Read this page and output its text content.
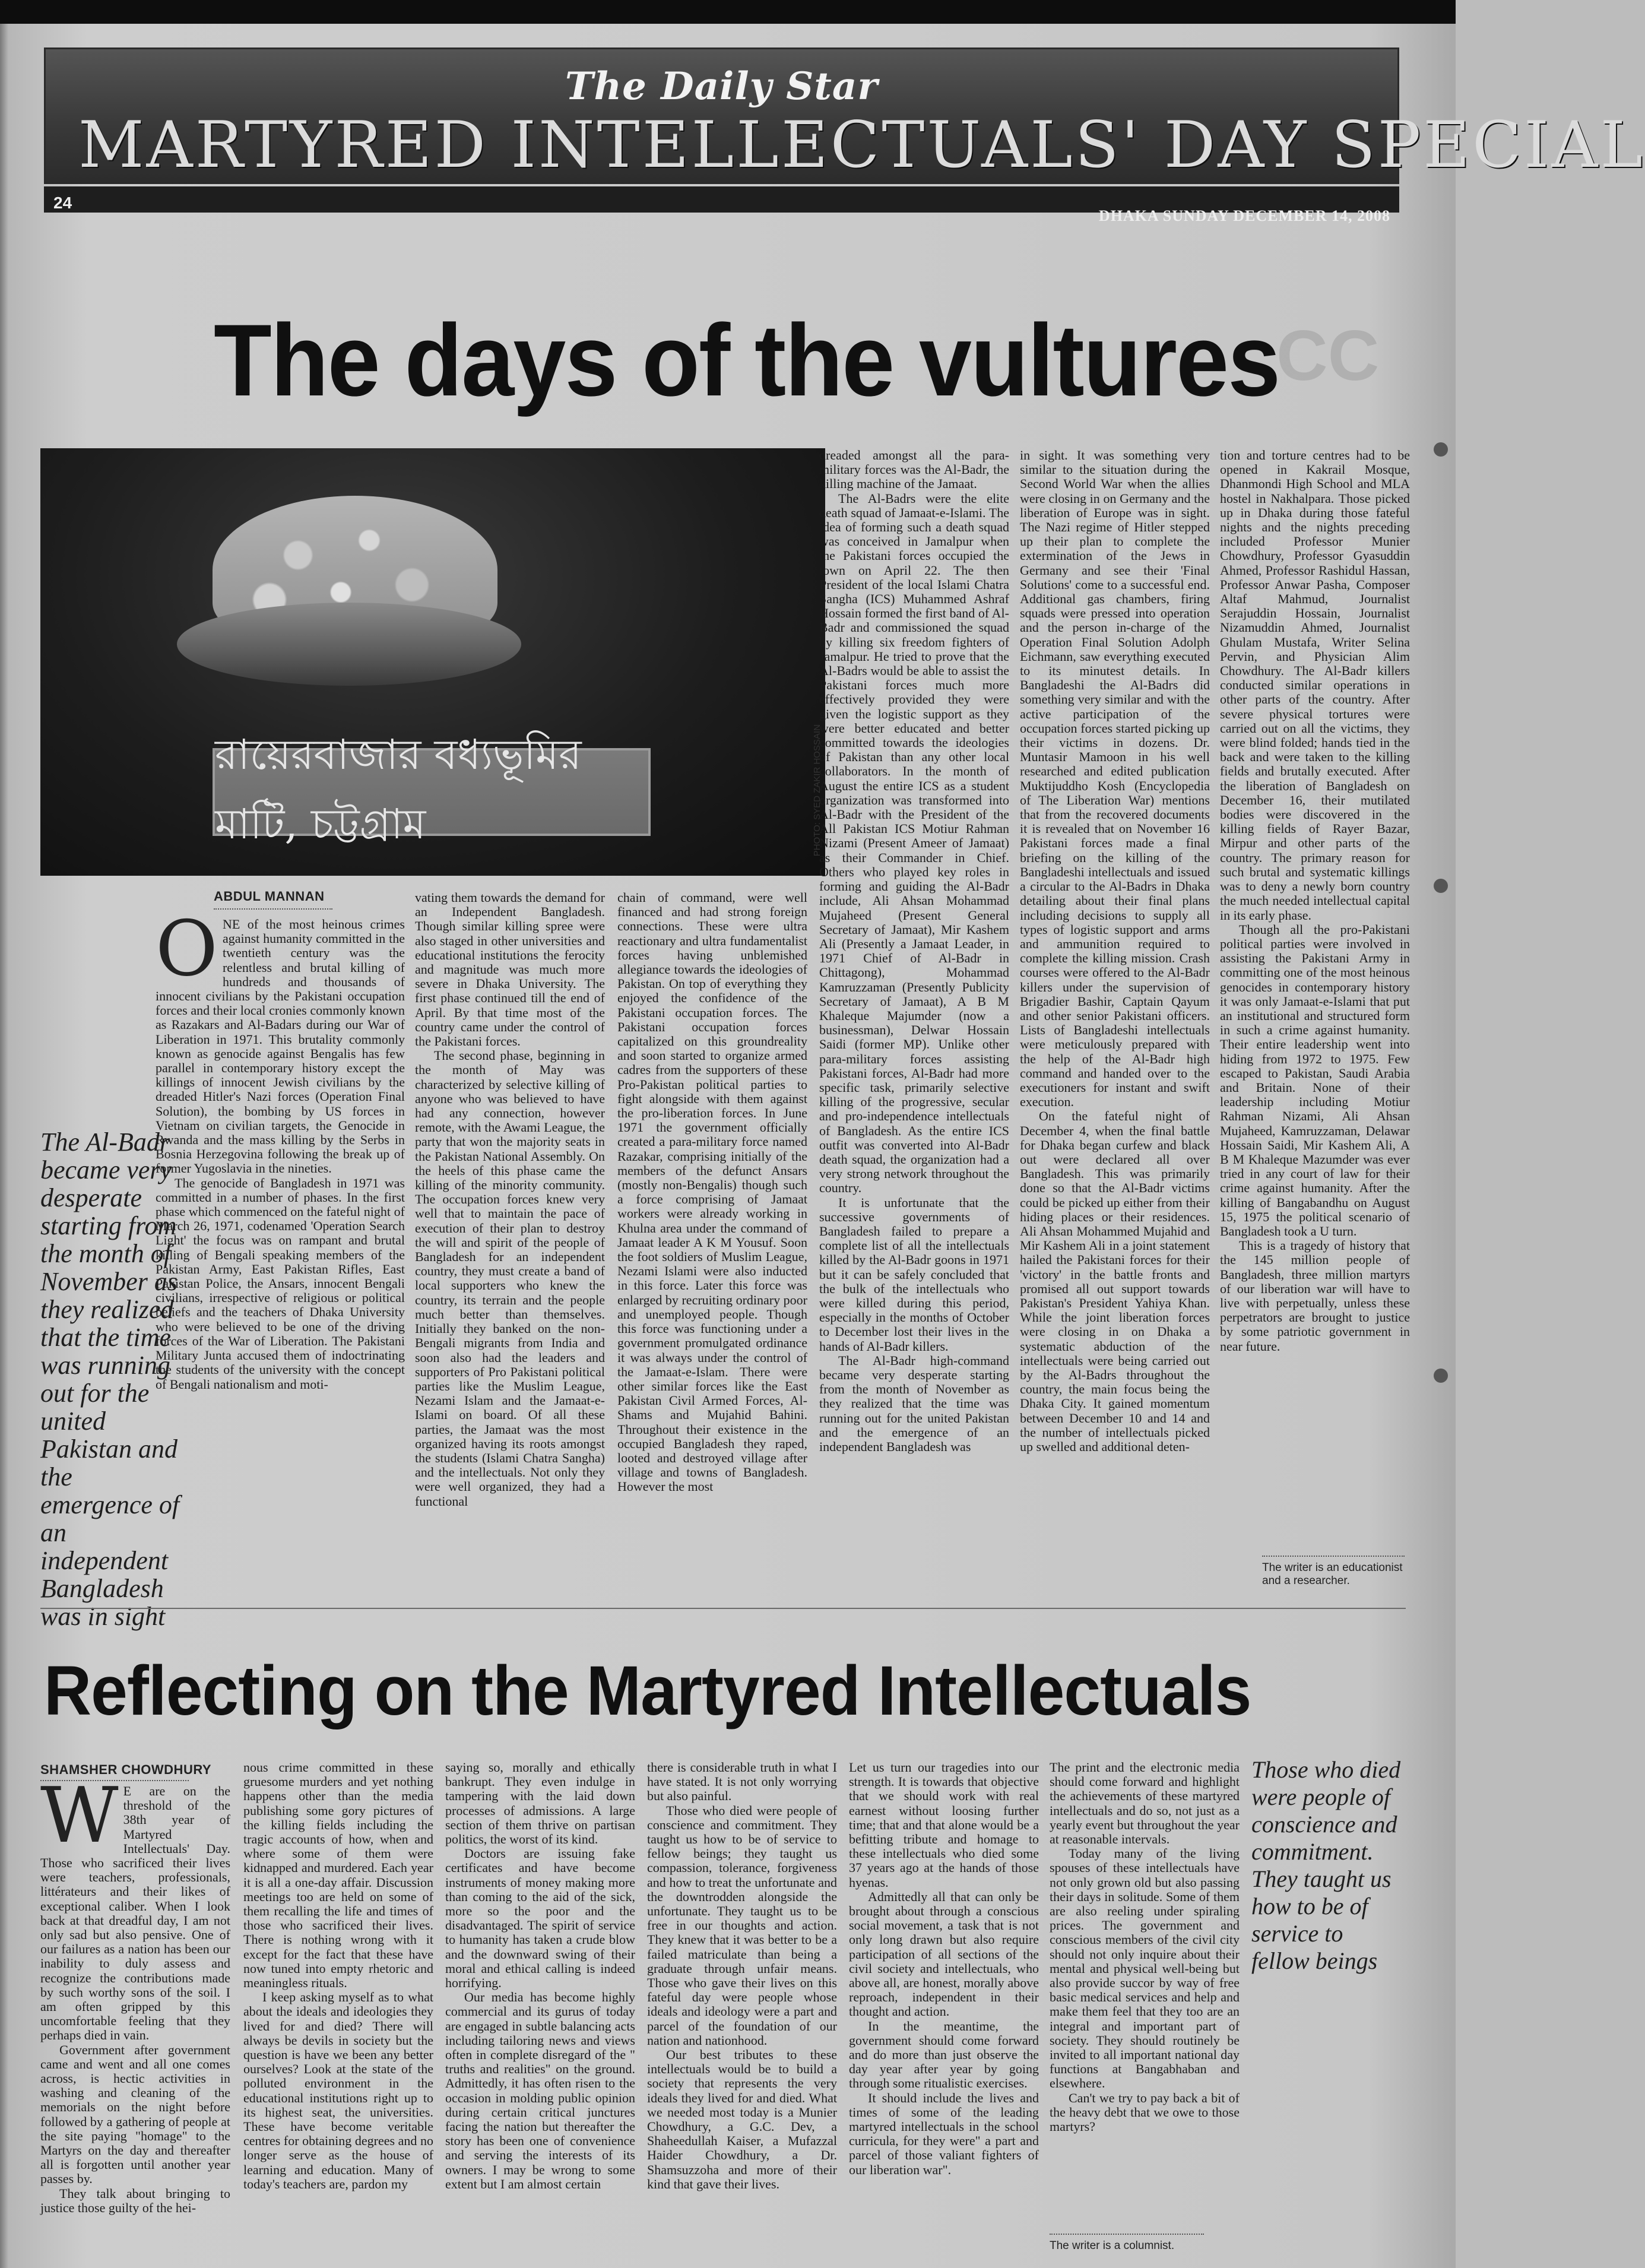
The Daily Star
MARTYRED INTELLECTUALS' DAY SPECIAL
24
DHAKA SUNDAY DECEMBER 14, 2008
The days of the vultures
CC
রায়েরবাজার বধ্যভূমির মাটি, চট্টগ্রাম	PHOTO: SYED ZAKIR HOSSAIN
ABDUL MANNAN
The Al-Badr became very desperate starting from the month of November as they realized that the time was running out for the united Pakistan and the emergence of an independent Bangladesh was in sight
O NE of the most heinous crimes against humanity committed in the twentieth century was the relentless and brutal killing of hundreds and thousands of innocent civilians by the Pakistani occupation forces and their local cronies commonly known as Razakars and Al-Badars during our War of Liberation in 1971. This brutality commonly known as genocide against Bengalis has few parallel in contemporary history except the killings of innocent Jewish civilians by the dreaded Hitler's Nazi forces (Operation Final Solution), the bombing by US forces in Vietnam on civilian targets, the Genocide in Rwanda and the mass killing by the Serbs in Bosnia Herzegovina following the break up of former Yugoslavia in the nineties.

The genocide of Bangladesh in 1971 was committed in a number of phases. In the first phase which commenced on the fateful night of March 26, 1971, codenamed 'Operation Search Light' the focus was on rampant and brutal killing of Bengali speaking members of the Pakistan Army, East Pakistan Rifles, East Pakistan Police, the Ansars, innocent Bengali civilians, irrespective of religious or political beliefs and the teachers of Dhaka University who were believed to be one of the driving forces of the War of Liberation. The Pakistani Military Junta accused them of indoctrinating the students of the university with the concept of Bengali nationalism and moti-

vating them towards the demand for an Independent Bangladesh. Though similar killing spree were also staged in other universities and educational institutions the ferocity and magnitude was much more severe in Dhaka University. The first phase continued till the end of April. By that time most of the country came under the control of the Pakistani forces.

The second phase, beginning in the month of May was characterized by selective killing of anyone who was believed to have had any connection, however remote, with the Awami League, the party that won the majority seats in the Pakistan National Assembly. On the heels of this phase came the killing of the minority community. The occupation forces knew very well that to maintain the pace of execution of their plan to destroy the will and spirit of the people of Bangladesh for an independent country, they must create a band of local supporters who knew the country, its terrain and the people much better than themselves. Initially they banked on the non-Bengali migrants from India and soon also had the leaders and supporters of Pro Pakistani political parties like the Muslim League, Nezami Islam and the Jamaat-e-Islami on board. Of all these parties, the Jamaat was the most organized having its roots amongst the students (Islami Chatra Sangha) and the intellectuals. Not only they were well organized, they had a functional

chain of command, were well financed and had strong foreign connections. These were ultra reactionary and ultra fundamentalist forces having unblemished allegiance towards the ideologies of Pakistan. On top of everything they enjoyed the confidence of the Pakistani occupation forces. The Pakistani occupation forces capitalized on this groundreality and soon started to organize armed cadres from the supporters of these Pro-Pakistan political parties to fight alongside with them against the pro-liberation forces. In June 1971 the government officially created a para-military force named Razakar, comprising initially of the members of the defunct Ansars (mostly non-Bengalis) though such a force comprising of Jamaat workers were already working in Khulna area under the command of Jamaat leader A K M Yousuf. Soon the foot soldiers of Muslim League, Nezami Islami were also inducted in this force. Later this force was enlarged by recruiting ordinary poor and unemployed people. Though this force was functioning under a government promulgated ordinance it was always under the control of the Jamaat-e-Islam. There were other similar forces like the East Pakistan Civil Armed Forces, Al-Shams and Mujahid Bahini. Throughout their existence in the occupied Bangladesh they raped, looted and destroyed village after village and towns of Bangladesh. However the most

dreaded amongst all the para-military forces was the Al-Badr, the killing machine of the Jamaat.

The Al-Badrs were the elite death squad of Jamaat-e-Islami. The idea of forming such a death squad was conceived in Jamalpur when the Pakistani forces occupied the town on April 22. The then President of the local Islami Chatra Sangha (ICS) Muhammed Ashraf Hossain formed the first band of Al-Badr and commissioned the squad by killing six freedom fighters of Jamalpur. He tried to prove that the Al-Badrs would be able to assist the Pakistani forces much more effectively provided they were given the logistic support as they were better educated and better committed towards the ideologies of Pakistan than any other local collaborators. In the month of August the entire ICS as a student organization was transformed into Al-Badr with the President of the All Pakistan ICS Motiur Rahman Nizami (Present Ameer of Jamaat) as their Commander in Chief. Others who played key roles in forming and guiding the Al-Badr include, Ali Ahsan Mohammad Mujaheed (Present General Secretary of Jamaat), Mir Kashem Ali (Presently a Jamaat Leader, in 1971 Chief of Al-Badr in Chittagong), Mohammad Kamruzzaman (Presently Publicity Secretary of Jamaat), A B M Khaleque Majumder (now a businessman), Delwar Hossain Saidi (former MP). Unlike other para-military forces assisting Pakistani forces, Al-Badr had more specific task, primarily selective killing of the progressive, secular and pro-independence intellectuals of Bangladesh. As the entire ICS outfit was converted into Al-Badr death squad, the organization had a very strong network throughout the country.

It is unfortunate that the successive governments of Bangladesh failed to prepare a complete list of all the intellectuals killed by the Al-Badr goons in 1971 but it can be safely concluded that the bulk of the intellectuals who were killed during this period, especially in the months of October to December lost their lives in the hands of Al-Badr killers.

The Al-Badr high-command became very desperate starting from the month of November as they realized that the time was running out for the united Pakistan and the emergence of an independent Bangladesh was

in sight. It was something very similar to the situation during the Second World War when the allies were closing in on Germany and the liberation of Europe was in sight. The Nazi regime of Hitler stepped up their plan to complete the extermination of the Jews in Germany and see their 'Final Solutions' come to a successful end. Additional gas chambers, firing squads were pressed into operation and the person in-charge of the Operation Final Solution Adolph Eichmann, saw everything executed to its minutest details. In Bangladeshi the Al-Badrs did something very similar and with the active participation of the occupation forces started picking up their victims in dozens. Dr. Muntasir Mamoon in his well researched and edited publication Muktijuddho Kosh (Encyclopedia of The Liberation War) mentions that from the recovered documents it is revealed that on November 16 Pakistani forces made a final briefing on the killing of the Bangladeshi intellectuals and issued a circular to the Al-Badrs in Dhaka detailing about their final plans including decisions to supply all types of logistic support and arms and ammunition required to complete the killing mission. Crash courses were offered to the Al-Badr killers under the supervision of Brigadier Bashir, Captain Qayum and other senior Pakistani officers. Lists of Bangladeshi intellectuals were meticulously prepared with the help of the Al-Badr high command and handed over to the executioners for instant and swift execution.

On the fateful night of December 4, when the final battle for Dhaka began curfew and black out were declared all over Bangladesh. This was primarily done so that the Al-Badr victims could be picked up either from their hiding places or their residences. Ali Ahsan Mohammed Mujahid and Mir Kashem Ali in a joint statement hailed the Pakistani forces for their 'victory' in the battle fronts and promised all out support towards Pakistan's President Yahiya Khan. While the joint liberation forces were closing in on Dhaka a systematic abduction of the intellectuals were being carried out by the Al-Badrs throughout the country, the main focus being the Dhaka City. It gained momentum between December 10 and 14 and the number of intellectuals picked up swelled and additional deten-

tion and torture centres had to be opened in Kakrail Mosque, Dhanmondi High School and MLA hostel in Nakhalpara. Those picked up in Dhaka during those fateful nights and the nights preceding included Professor Munier Chowdhury, Professor Gyasuddin Ahmed, Professor Rashidul Hassan, Professor Anwar Pasha, Composer Altaf Mahmud, Journalist Serajuddin Hossain, Journalist Nizamuddin Ahmed, Journalist Ghulam Mustafa, Writer Selina Pervin, and Physician Alim Chowdhury. The Al-Badr killers conducted similar operations in other parts of the country. After severe physical tortures were carried out on all the victims, they were blind folded; hands tied in the back and were taken to the killing fields and brutally executed. After the liberation of Bangladesh on December 16, their mutilated bodies were discovered in the killing fields of Rayer Bazar, Mirpur and other parts of the country. The primary reason for such brutal and systematic killings was to deny a newly born country the much needed intellectual capital in its early phase.

Though all the pro-Pakistani political parties were involved in assisting the Pakistani Army in committing one of the most heinous genocides in contemporary history it was only Jamaat-e-Islami that put an institutional and structured form in such a crime against humanity. Their entire leadership went into hiding from 1972 to 1975. Few escaped to Pakistan, Saudi Arabia and Britain. None of their leadership including Motiur Rahman Nizami, Ali Ahsan Mujaheed, Kamruzzaman, Delawar Hossain Saidi, Mir Kashem Ali, A B M Khaleque Mazumder was ever tried in any court of law for their crime against humanity. After the killing of Bangabandhu on August 15, 1975 the political scenario of Bangladesh took a U turn.

This is a tragedy of history that the 145 million people of Bangladesh, three million martyrs of our liberation war will have to live with perpetually, unless these perpetrators are brought to justice by some patriotic government in near future.

The writer is an educationist and a researcher.
Reflecting on the Martyred Intellectuals
SHAMSHER CHOWDHURY
W E are on the threshold of the 38th year of Martyred Intellectuals' Day. Those who sacrificed their lives were teachers, professionals, littérateurs and their likes of exceptional caliber. When I look back at that dreadful day, I am not only sad but also pensive. One of our failures as a nation has been our inability to duly assess and recognize the contributions made by such worthy sons of the soil. I am often gripped by this uncomfortable feeling that they perhaps died in vain.

Government after government came and went and all one comes across, is hectic activities in washing and cleaning of the memorials on the night before followed by a gathering of people at the site paying "homage" to the Martyrs on the day and thereafter all is forgotten until another year passes by.

They talk about bringing to justice those guilty of the hei-

nous crime committed in these gruesome murders and yet nothing happens other than the media publishing some gory pictures of the killing fields including the tragic accounts of how, when and where some of them were kidnapped and murdered. Each year it is all a one-day affair. Discussion meetings too are held on some of them recalling the life and times of those who sacrificed their lives. There is nothing wrong with it except for the fact that these have now tuned into empty rhetoric and meaningless rituals.

I keep asking myself as to what about the ideals and ideologies they lived for and died? There will always be devils in society but the question is have we been any better ourselves? Look at the state of the polluted environment in the educational institutions right up to its highest seat, the universities. These have become veritable centres for obtaining degrees and no longer serve as the house of learning and education. Many of today's teachers are, pardon my

saying so, morally and ethically bankrupt. They even indulge in tampering with the laid down processes of admissions. A large section of them thrive on partisan politics, the worst of its kind.

Doctors are issuing fake certificates and have become instruments of money making more than coming to the aid of the sick, more so the poor and the disadvantaged. The spirit of service to humanity has taken a crude blow and the downward swing of their moral and ethical calling is indeed horrifying.

Our media has become highly commercial and its gurus of today are engaged in subtle balancing acts including tailoring news and views often in complete disregard of the " truths and realities" on the ground. Admittedly, it has often risen to the occasion in molding public opinion during certain critical junctures facing the nation but thereafter the story has been one of convenience and serving the interests of its owners. I may be wrong to some extent but I am almost certain

there is considerable truth in what I have stated. It is not only worrying but also painful.

Those who died were people of conscience and commitment. They taught us how to be of service to fellow beings; they taught us compassion, tolerance, forgiveness and how to treat the unfortunate and the downtrodden alongside the unfortunate. They taught us to be free in our thoughts and action. They knew that it was better to be a failed matriculate than being a graduate through unfair means. Those who gave their lives on this fateful day were people whose ideals and ideology were a part and parcel of the foundation of our nation and nationhood.

Our best tributes to these intellectuals would be to build a society that represents the very ideals they lived for and died. What we needed most today is a Munier Chowdhury, a G.C. Dev, a Shaheedullah Kaiser, a Mufazzal Haider Chowdhury, a Dr. Shamsuzzoha and more of their kind that gave their lives.

Let us turn our tragedies into our strength. It is towards that objective that we should work with real earnest without loosing further time; that and that alone would be a befitting tribute and homage to these intellectuals who died some 37 years ago at the hands of those hyenas.

Admittedly all that can only be brought about through a conscious social movement, a task that is not only long drawn but also require participation of all sections of the civil society and intellectuals, who above all, are honest, morally above reproach, independent in their thought and action.

In the meantime, the government should come forward and do more than just observe the day year after year by going through some ritualistic exercises.

It should include the lives and times of some of the leading martyred intellectuals in the school curricula, for they were" a part and parcel of those valiant fighters of our liberation war".

The print and the electronic media should come forward and highlight the achievements of these martyred intellectuals and do so, not just as a yearly event but throughout the year at reasonable intervals.

Today many of the living spouses of these intellectuals have not only grown old but also passing their days in solitude. Some of them are also reeling under spiraling prices. The government and conscious members of the civil city should not only inquire about their mental and physical well-being but also provide succor by way of free basic medical services and help and make them feel that they too are an integral and important part of society. They should routinely be invited to all important national day functions at Bangabhaban and elsewhere.

Can't we try to pay back a bit of the heavy debt that we owe to those martyrs?

The writer is a columnist.
Those who died were people of conscience and commitment. They taught us how to be of service to fellow beings
